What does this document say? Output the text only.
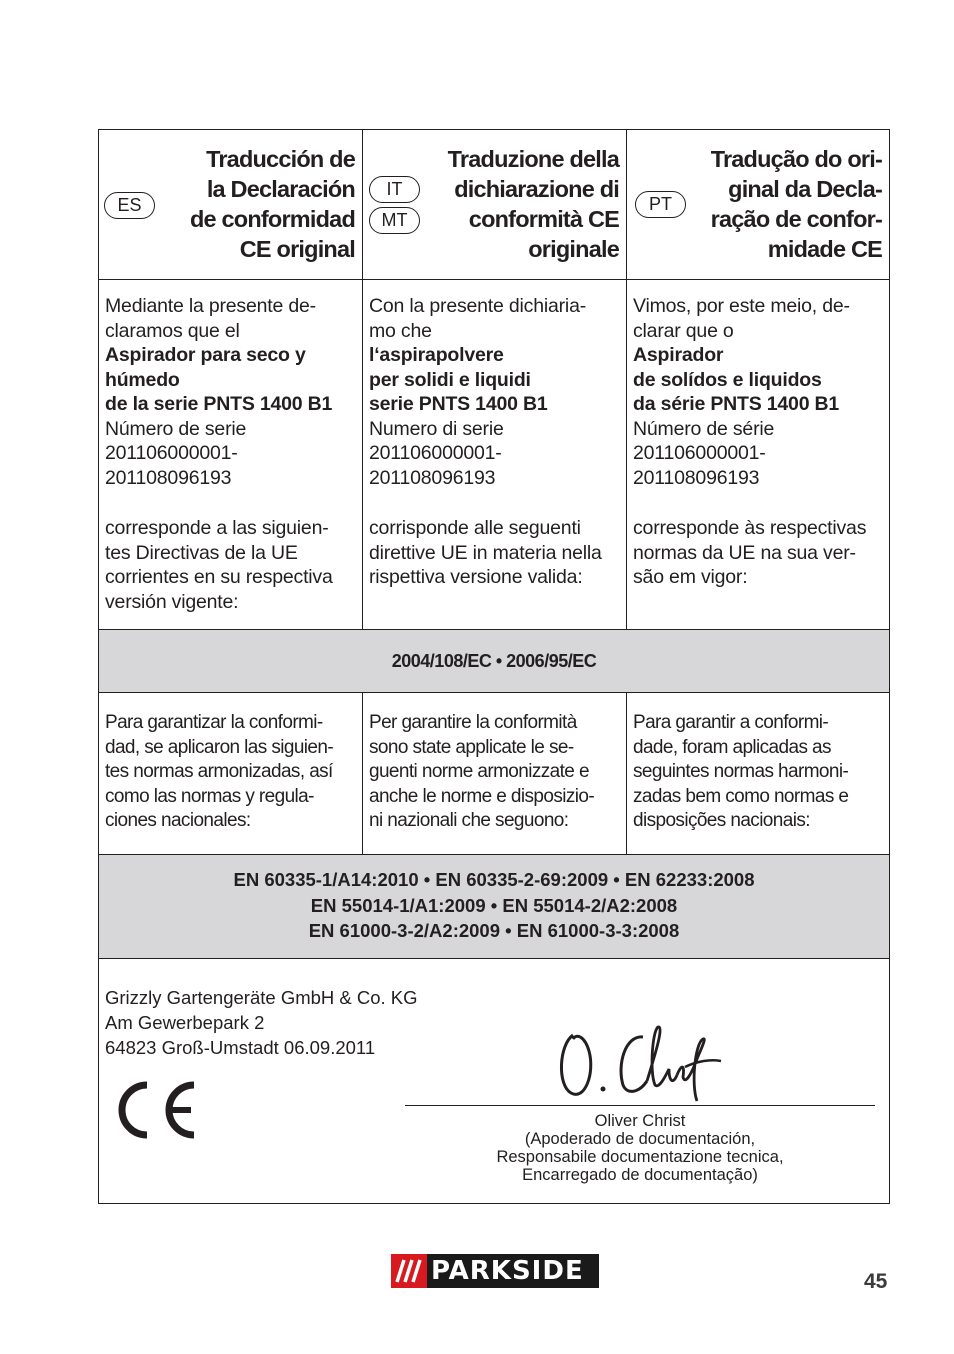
ES
Traducción de
la Declaración
de conformidad
CE original
IT
MT
Traduzione della
dichiarazione di
conformità CE
originale
PT
Tradução do ori-
ginal da Decla-
ração de confor-
midade CE
Mediante la presente de-
claramos que el
Aspirador para seco y
húmedo
de la serie PNTS 1400 B1
Número de serie
201106000001-
201108096193
corresponde a las siguien-
tes Directivas de la UE
corrientes en su respectiva
versión vigente:
Con la presente dichiaria-
mo che
l‘aspirapolvere
per solidi e liquidi
serie PNTS 1400 B1
Numero di serie
201106000001-
201108096193
corrisponde alle seguenti
direttive UE in materia nella
rispettiva versione valida:
Vimos, por este meio, de-
clarar que o
Aspirador
de solídos e liquidos
da série PNTS 1400 B1
Número de série
201106000001-
201108096193
corresponde às respectivas
normas da UE na sua ver-
são em vigor:
2004/108/EC • 2006/95/EC
Para garantizar la conformi-
dad, se aplicaron las siguien-
tes normas armonizadas, así
como las normas y regula-
ciones nacionales:
Per garantire la conformità
sono state applicate le se-
guenti norme armonizzate e
anche le norme e disposizio-
ni nazionali che seguono:
Para garantir a conformi-
dade, foram aplicadas as
seguintes normas harmoni-
zadas bem como normas e
disposições nacionais:
EN 60335-1/A14:2010 • EN 60335-2-69:2009 • EN 62233:2008
EN 55014-1/A1:2009 • EN 55014-2/A2:2008
EN 61000-3-2/A2:2009 • EN 61000-3-3:2008
Grizzly Gartengeräte GmbH & Co. KG
Am Gewerbepark 2
64823 Groß-Umstadt 06.09.2011
Oliver Christ
(Apoderado de documentación,
Responsabile documentazione tecnica,
Encarregado de documentação)
PARKSIDE	45
